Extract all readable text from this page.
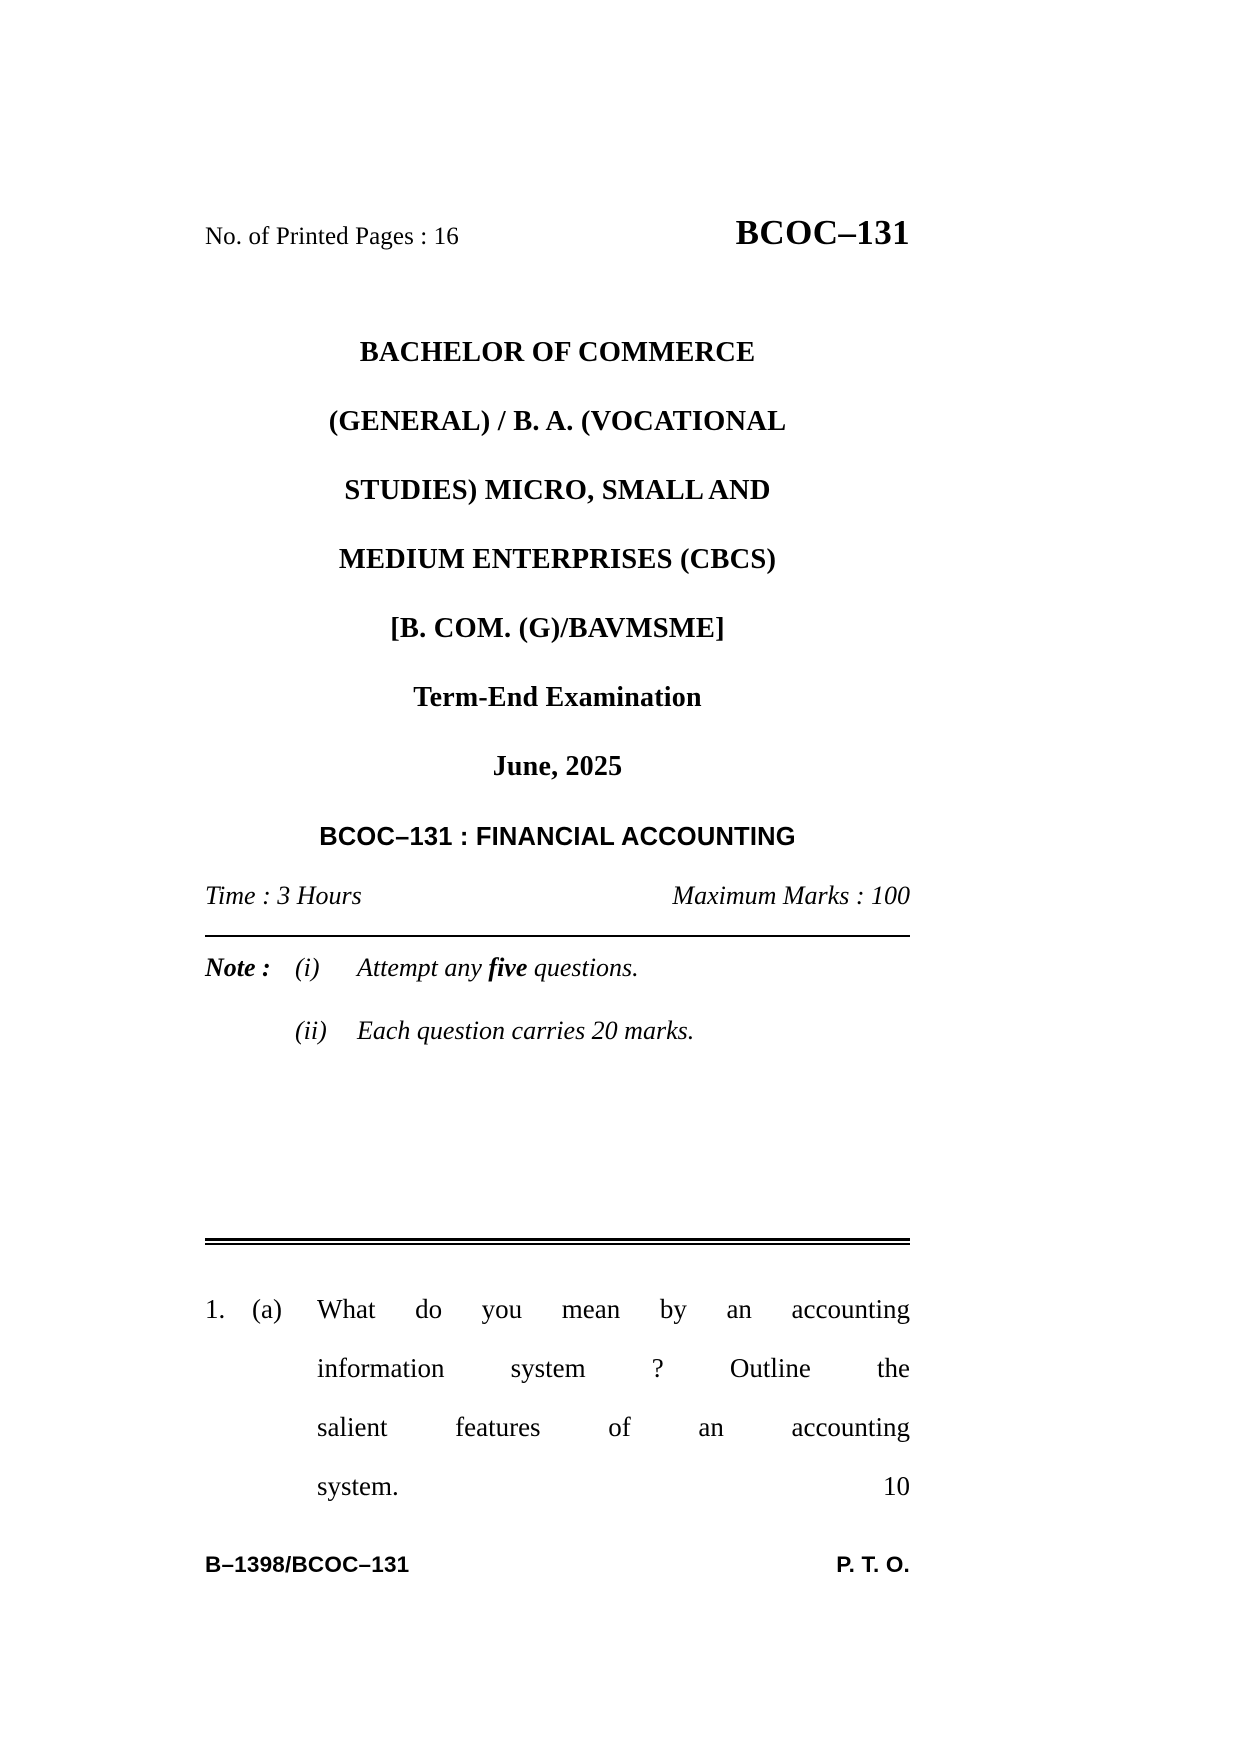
No. of Printed Pages : 16	BCOC–131
BACHELOR OF COMMERCE
(GENERAL) / B. A. (VOCATIONAL
STUDIES) MICRO, SMALL AND
MEDIUM ENTERPRISES (CBCS)
[B. COM. (G)/BAVMSME]
Term-End Examination
June, 2025
BCOC–131 : FINANCIAL ACCOUNTING
Time : 3 Hours	Maximum Marks : 100
Note : (i)	Attempt any five questions.
(ii)	Each question carries 20 marks.
1. (a)	What do you mean by an accounting
information system ? Outline the
salient	features	of	an	accounting
system.	10
B–1398/BCOC–131	P. T. O.
